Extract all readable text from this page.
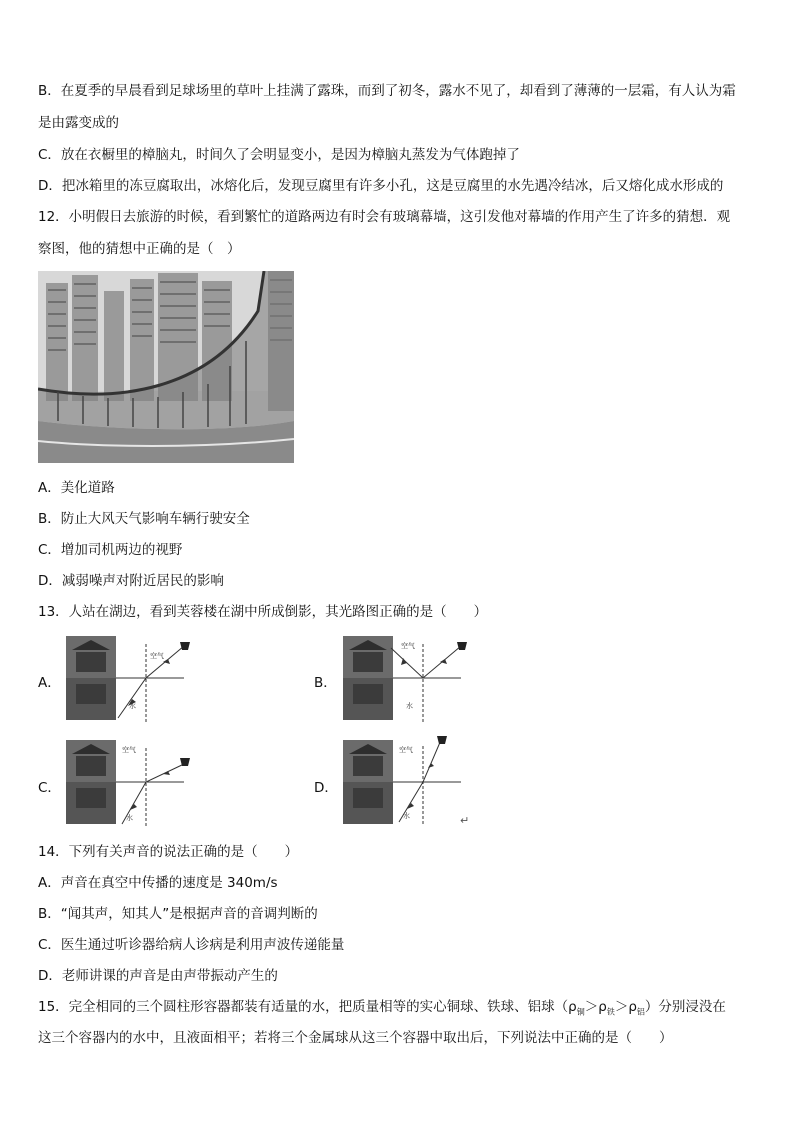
B．在夏季的早晨看到足球场里的草叶上挂满了露珠，而到了初冬，露水不见了，却看到了薄薄的一层霜，有人认为霜
是由露变成的
C．放在衣橱里的樟脑丸，时间久了会明显变小，是因为樟脑丸蒸发为气体跑掉了
D．把冰箱里的冻豆腐取出，冰熔化后，发现豆腐里有许多小孔，这是豆腐里的水先遇冷结冰，后又熔化成水形成的
12．小明假日去旅游的时候，看到繁忙的道路两边有时会有玻璃幕墙，这引发他对幕墙的作用产生了许多的猜想．观
察图，他的猜想中正确的是（　）
A．美化道路
B．防止大风天气影响车辆行驶安全
C．增加司机两边的视野
D．减弱噪声对附近居民的影响
13．人站在湖边，看到芙蓉楼在湖中所成倒影，其光路图正确的是（　　）
A．
空气
水
B．
空气
水
C．
空气
水
D．
空气
水	↵
14．下列有关声音的说法正确的是（　　）
A．声音在真空中传播的速度是 340m/s
B．“闻其声，知其人”是根据声音的音调判断的
C．医生通过听诊器给病人诊病是利用声波传递能量
D．老师讲课的声音是由声带振动产生的
15．完全相同的三个圆柱形容器都装有适量的水，把质量相等的实心铜球、铁球、铝球$(\rho_铜>\rho_铁>\rho_铝)$分别浸没在
这三个容器内的水中，且液面相平；若将三个金属球从这三个容器中取出后，下列说法中正确的是（　　）
